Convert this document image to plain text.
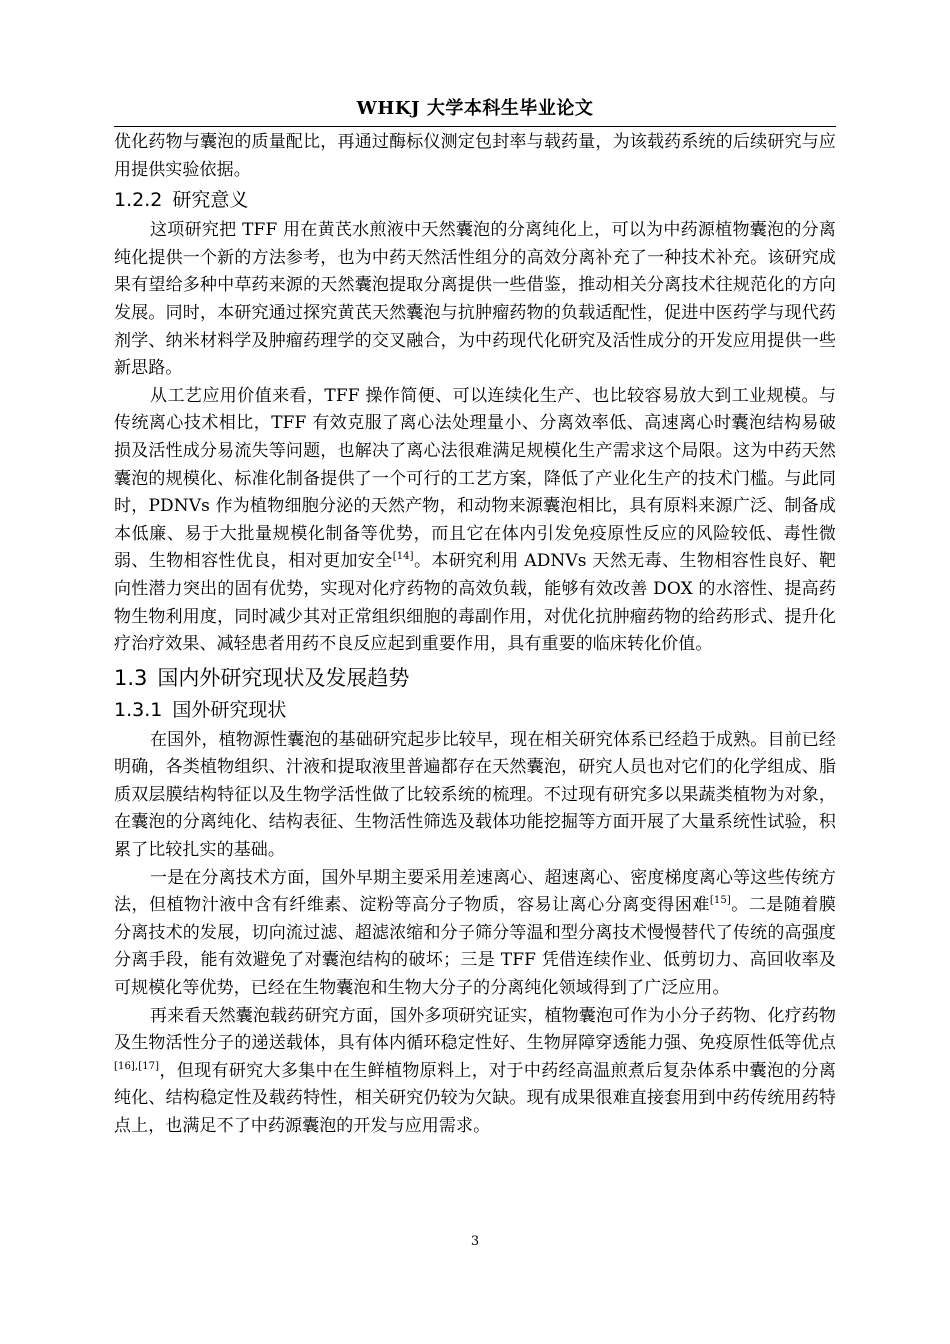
WHKJ 大学本科生毕业论文

优化药物与囊泡的质量配比，再通过酶标仪测定包封率与载药量，为该载药系统的后续研究与应用提供实验依据。

1.2.2 研究意义

这项研究把 TFF 用在黄芪水煎液中天然囊泡的分离纯化上，可以为中药源植物囊泡的分离纯化提供一个新的方法参考，也为中药天然活性组分的高效分离补充了一种技术补充。该研究成果有望给多种中草药来源的天然囊泡提取分离提供一些借鉴，推动相关分离技术往规范化的方向发展。同时，本研究通过探究黄芪天然囊泡与抗肿瘤药物的负载适配性，促进中医药学与现代药剂学、纳米材料学及肿瘤药理学的交叉融合，为中药现代化研究及活性成分的开发应用提供一些新思路。

从工艺应用价值来看，TFF 操作简便、可以连续化生产、也比较容易放大到工业规模。与传统离心技术相比，TFF 有效克服了离心法处理量小、分离效率低、高速离心时囊泡结构易破损及活性成分易流失等问题，也解决了离心法很难满足规模化生产需求这个局限。这为中药天然囊泡的规模化、标准化制备提供了一个可行的工艺方案，降低了产业化生产的技术门槛。与此同时，PDNVs 作为植物细胞分泌的天然产物，和动物来源囊泡相比，具有原料来源广泛、制备成本低廉、易于大批量规模化制备等优势，而且它在体内引发免疫原性反应的风险较低、毒性微弱、生物相容性优良，相对更加安全[14]。本研究利用 ADNVs 天然无毒、生物相容性良好、靶向性潜力突出的固有优势，实现对化疗药物的高效负载，能够有效改善 DOX 的水溶性、提高药物生物利用度，同时减少其对正常组织细胞的毒副作用，对优化抗肿瘤药物的给药形式、提升化疗治疗效果、减轻患者用药不良反应起到重要作用，具有重要的临床转化价值。

1.3 国内外研究现状及发展趋势
1.3.1 国外研究现状

在国外，植物源性囊泡的基础研究起步比较早，现在相关研究体系已经趋于成熟。目前已经明确，各类植物组织、汁液和提取液里普遍都存在天然囊泡，研究人员也对它们的化学组成、脂质双层膜结构特征以及生物学活性做了比较系统的梳理。不过现有研究多以果蔬类植物为对象，在囊泡的分离纯化、结构表征、生物活性筛选及载体功能挖掘等方面开展了大量系统性试验，积累了比较扎实的基础。

一是在分离技术方面，国外早期主要采用差速离心、超速离心、密度梯度离心等这些传统方法，但植物汁液中含有纤维素、淀粉等高分子物质，容易让离心分离变得困难[15]。二是随着膜分离技术的发展，切向流过滤、超滤浓缩和分子筛分等温和型分离技术慢慢替代了传统的高强度分离手段，能有效避免了对囊泡结构的破坏；三是 TFF 凭借连续作业、低剪切力、高回收率及可规模化等优势，已经在生物囊泡和生物大分子的分离纯化领域得到了广泛应用。

再来看天然囊泡载药研究方面，国外多项研究证实，植物囊泡可作为小分子药物、化疗药物及生物活性分子的递送载体，具有体内循环稳定性好、生物屏障穿透能力强、免疫原性低等优点[16],[17]，但现有研究大多集中在生鲜植物原料上，对于中药经高温煎煮后复杂体系中囊泡的分离纯化、结构稳定性及载药特性，相关研究仍较为欠缺。现有成果很难直接套用到中药传统用药特点上，也满足不了中药源囊泡的开发与应用需求。

3
